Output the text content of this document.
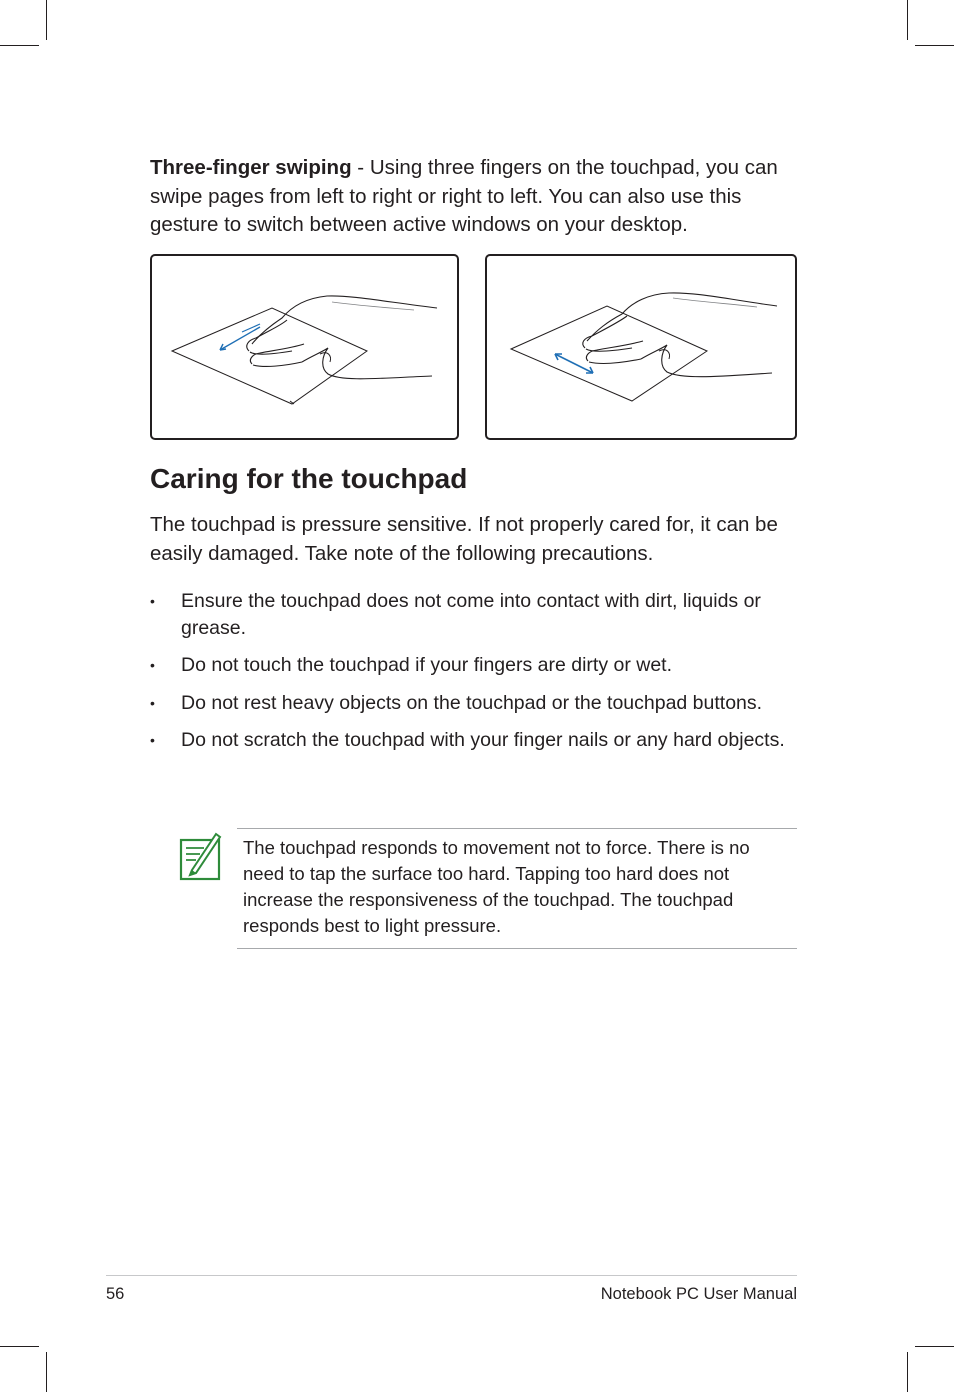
Three-finger swiping - Using three fingers on the touchpad, you can swipe pages from left to right or right to left. You can also use this gesture to switch between active windows on your desktop.

Caring for the touchpad

The touchpad is pressure sensitive. If not properly cared for, it can be easily damaged. Take note of the following precautions.

• Ensure the touchpad does not come into contact with dirt, liquids or grease.
• Do not touch the touchpad if your fingers are dirty or wet.
• Do not rest heavy objects on the touchpad or the touchpad buttons.
• Do not scratch the touchpad with your finger nails or any hard objects.

The touchpad responds to movement not to force. There is no need to tap the surface too hard. Tapping too hard does not increase the responsiveness of the touchpad. The touchpad responds best to light pressure.

56	Notebook PC User Manual
